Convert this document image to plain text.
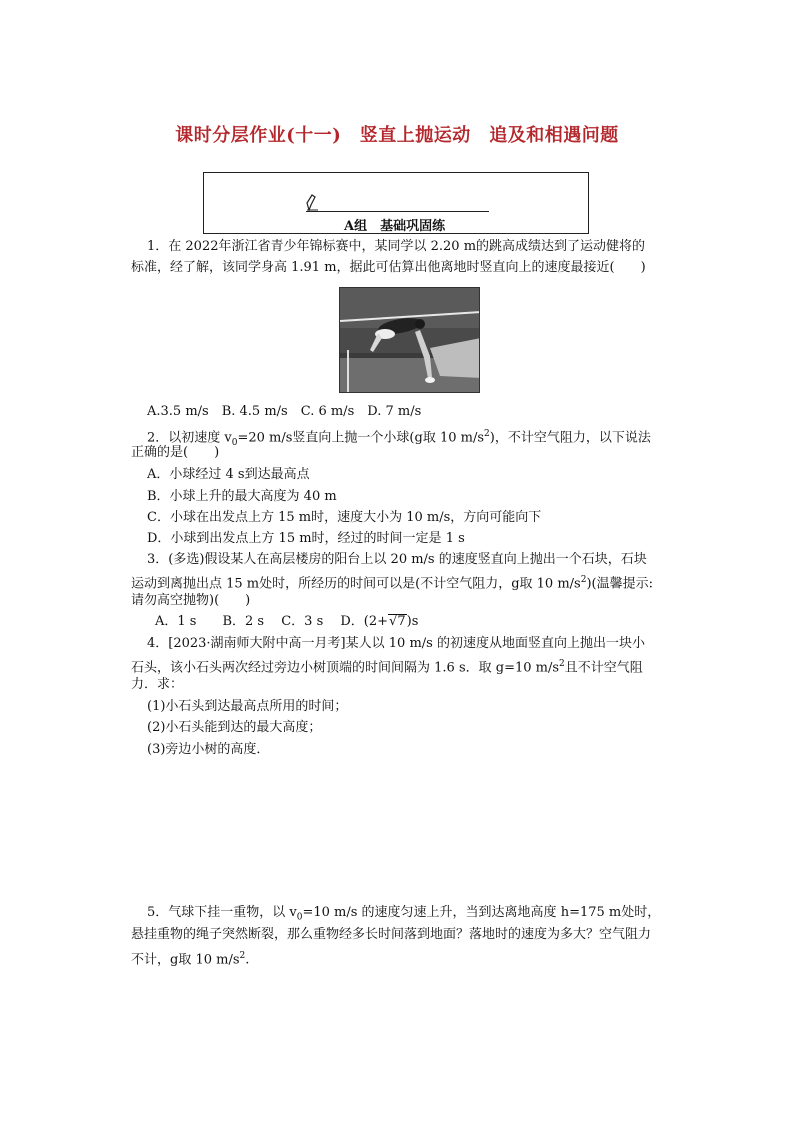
课时分层作业(十一)　竖直上抛运动　追及和相遇问题
A组　基础巩固练
1．在 2022年浙江省青少年锦标赛中，某同学以 2.20 m的跳高成绩达到了运动健将的
标准，经了解，该同学身高 1.91 m，据此可估算出他离地时竖直向上的速度最接近(　　)
A.3.5 m/s　B. 4.5 m/s　C. 6 m/s　D. 7 m/s
2．以初速度 $v_0=20$ m/s竖直向上抛一个小球(g取 10 $m/s^2$)，不计空气阻力，以下说法
正确的是(　　)
A．小球经过 4 s到达最高点
B．小球上升的最大高度为 40 m
C．小球在出发点上方 15 m时，速度大小为 10 m/s，方向可能向下
D．小球到出发点上方 15 m时，经过的时间一定是 1 s
3．(多选)假设某人在高层楼房的阳台上以 20 m/s 的速度竖直向上抛出一个石块，石块
运动到离抛出点 15 m处时，所经历的时间可以是(不计空气阻力，g取 10 $m/s^2$)(温馨提示:
请勿高空抛物)(　　)
A．1 s　　B．2 s　 C．3 s　 D．(2+√7)s
4．[2023·湖南师大附中高一月考]某人以 10 m/s 的初速度从地面竖直向上抛出一块小
石头，该小石头两次经过旁边小树顶端的时间间隔为 1.6 s．取 g=10 $m/s^2$且不计空气阻
力．求：
(1)小石头到达最高点所用的时间；
(2)小石头能到达的最大高度；
(3)旁边小树的高度．
5．气球下挂一重物，以 $v_0=10$ m/s 的速度匀速上升，当到达离地高度 h=175 m处时，
悬挂重物的绳子突然断裂，那么重物经多长时间落到地面？落地时的速度为多大？空气阻力
不计，g取 10 $m/s^2$.
